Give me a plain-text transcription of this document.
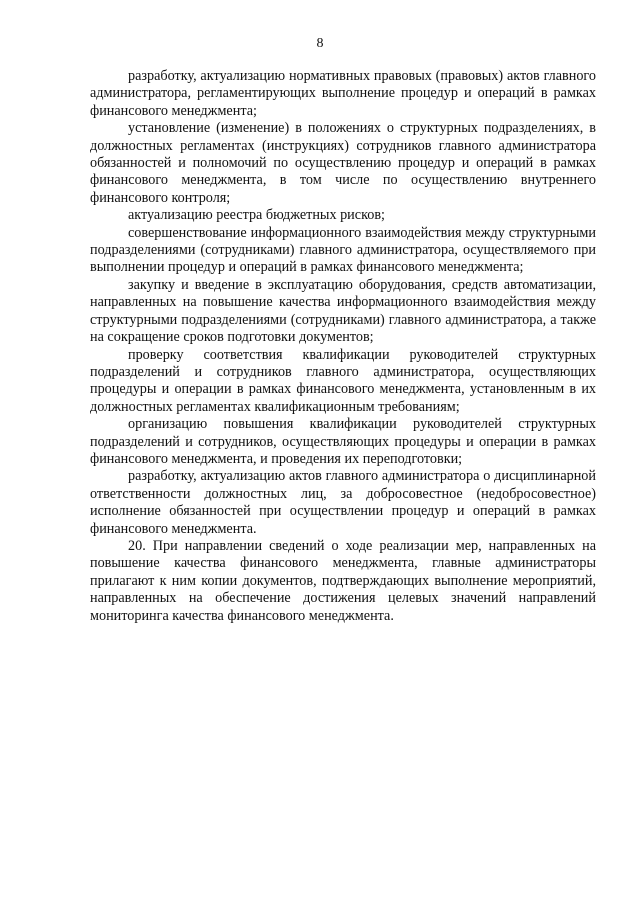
8

разработку, актуализацию нормативных правовых (правовых) актов главного администратора, регламентирующих выполнение процедур и операций в рамках финансового менеджмента;

установление (изменение) в положениях о структурных подразделениях, в должностных регламентах (инструкциях) сотрудников главного администратора обязанностей и полномочий по осуществлению процедур и операций в рамках финансового менеджмента, в том числе по осуществлению внутреннего финансового контроля;

актуализацию реестра бюджетных рисков;

совершенствование информационного взаимодействия между структурными подразделениями (сотрудниками) главного администратора, осуществляемого при выполнении процедур и операций в рамках финансового менеджмента;

закупку и введение в эксплуатацию оборудования, средств автоматизации, направленных на повышение качества информационного взаимодействия между структурными подразделениями (сотрудниками) главного администратора, а также на сокращение сроков подготовки документов;

проверку соответствия квалификации руководителей структурных подразделений и сотрудников главного администратора, осуществляющих процедуры и операции в рамках финансового менеджмента, установленным в их должностных регламентах квалификационным требованиям;

организацию повышения квалификации руководителей структурных подразделений и сотрудников, осуществляющих процедуры и операции в рамках финансового менеджмента, и проведения их переподготовки;

разработку, актуализацию актов главного администратора о дисциплинарной ответственности должностных лиц, за добросовестное (недобросовестное) исполнение обязанностей при осуществлении процедур и операций в рамках финансового менеджмента.

20. При направлении сведений о ходе реализации мер, направленных на повышение качества финансового менеджмента, главные администраторы прилагают к ним копии документов, подтверждающих выполнение мероприятий, направленных на обеспечение достижения целевых значений направлений мониторинга качества финансового менеджмента.
